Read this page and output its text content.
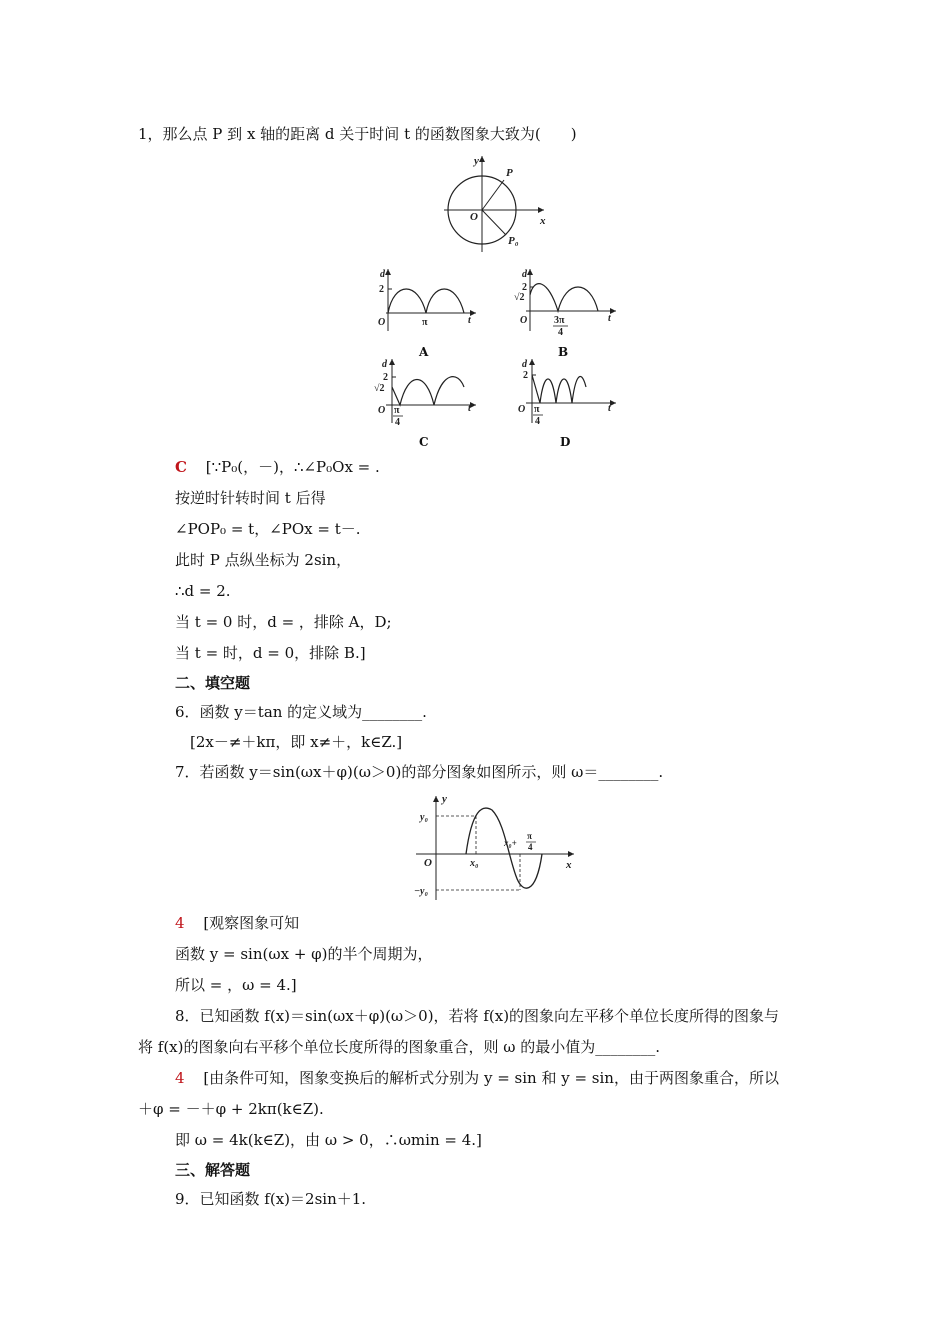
1，那么点 P 到 x 轴的距离 d 关于时间 t 的函数图象大致为(　　)
x
y
O
P
P₀
d
2
O	π	t
A
d
2
√2
O	3π
4
t
B
d
2
√2
O π
4
t
C
d
2
O π
4
t
D
C [∵P₀(，－)，∴∠P₀Ox = .
按逆时针转时间 t 后得
∠POP₀ = t，∠POx = t－.
此时 P 点纵坐标为 2sin，
∴d = 2.
当 t = 0 时，d = ，排除 A，D;
当 t = 时，d = 0，排除 B.]
二、填空题
6．函数 y＝tan 的定义域为________.
[2x－≠＋kπ，即 x≠＋，k∈Z.]
7．若函数 y＝sin(ωx＋φ)(ω＞0)的部分图象如图所示，则 ω＝________.
y
x
O
y₀
−y₀
x₀
x₀+
π
4
4 [观察图象可知
函数 y = sin(ωx + φ)的半个周期为，
所以 = ，ω = 4.]
8．已知函数 f(x)＝sin(ωx＋φ)(ω＞0)，若将 f(x)的图象向左平移个单位长度所得的图象与
将 f(x)的图象向右平移个单位长度所得的图象重合，则 ω 的最小值为________.
4 [由条件可知，图象变换后的解析式分别为 y = sin 和 y = sin，由于两图象重合，所以
＋φ = －＋φ + 2kπ(k∈Z).
即 ω = 4k(k∈Z)，由 ω > 0，∴ωmin = 4.]
三、解答题
9．已知函数 f(x)＝2sin＋1.
